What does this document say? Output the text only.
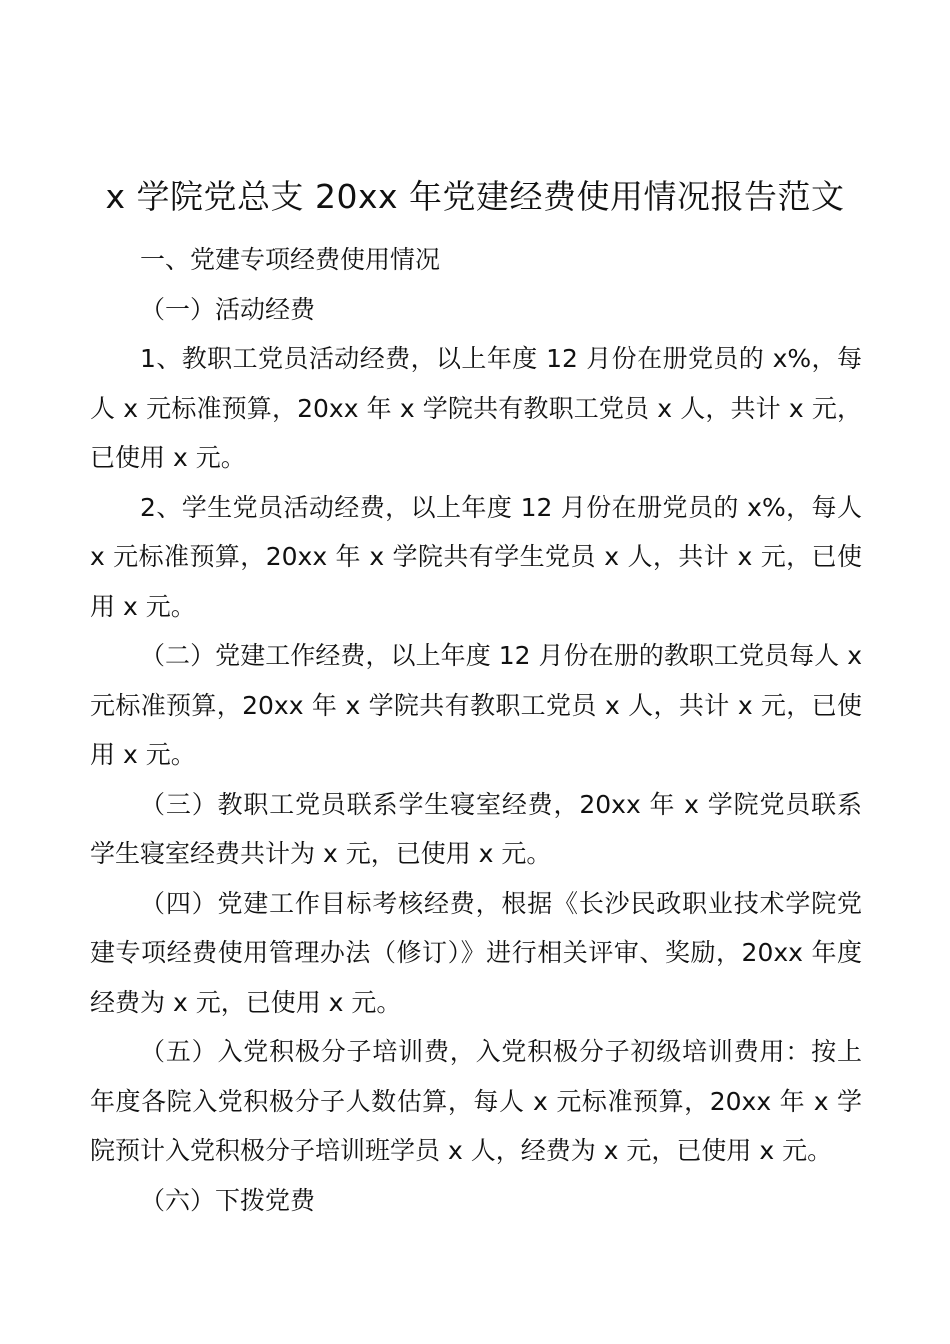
x 学院党总支 20xx 年党建经费使用情况报告范文

一、党建专项经费使用情况

（一）活动经费

1、教职工党员活动经费，以上年度 12 月份在册党员的 x%，每人 x 元标准预算，20xx 年 x 学院共有教职工党员 x 人，共计 x 元，已使用 x 元。

2、学生党员活动经费，以上年度 12 月份在册党员的 x%，每人 x 元标准预算，20xx 年 x 学院共有学生党员 x 人，共计 x 元，已使用 x 元。

（二）党建工作经费，以上年度 12 月份在册的教职工党员每人 x 元标准预算，20xx 年 x 学院共有教职工党员 x 人，共计 x 元，已使用 x 元。

（三）教职工党员联系学生寝室经费，20xx 年 x 学院党员联系学生寝室经费共计为 x 元，已使用 x 元。

（四）党建工作目标考核经费，根据《长沙民政职业技术学院党建专项经费使用管理办法（修订）》进行相关评审、奖励，20xx 年度经费为 x 元，已使用 x 元。

（五）入党积极分子培训费，入党积极分子初级培训费用：按上年度各院入党积极分子人数估算，每人 x 元标准预算，20xx 年 x 学院预计入党积极分子培训班学员 x 人，经费为 x 元，已使用 x 元。

（六）下拨党费
